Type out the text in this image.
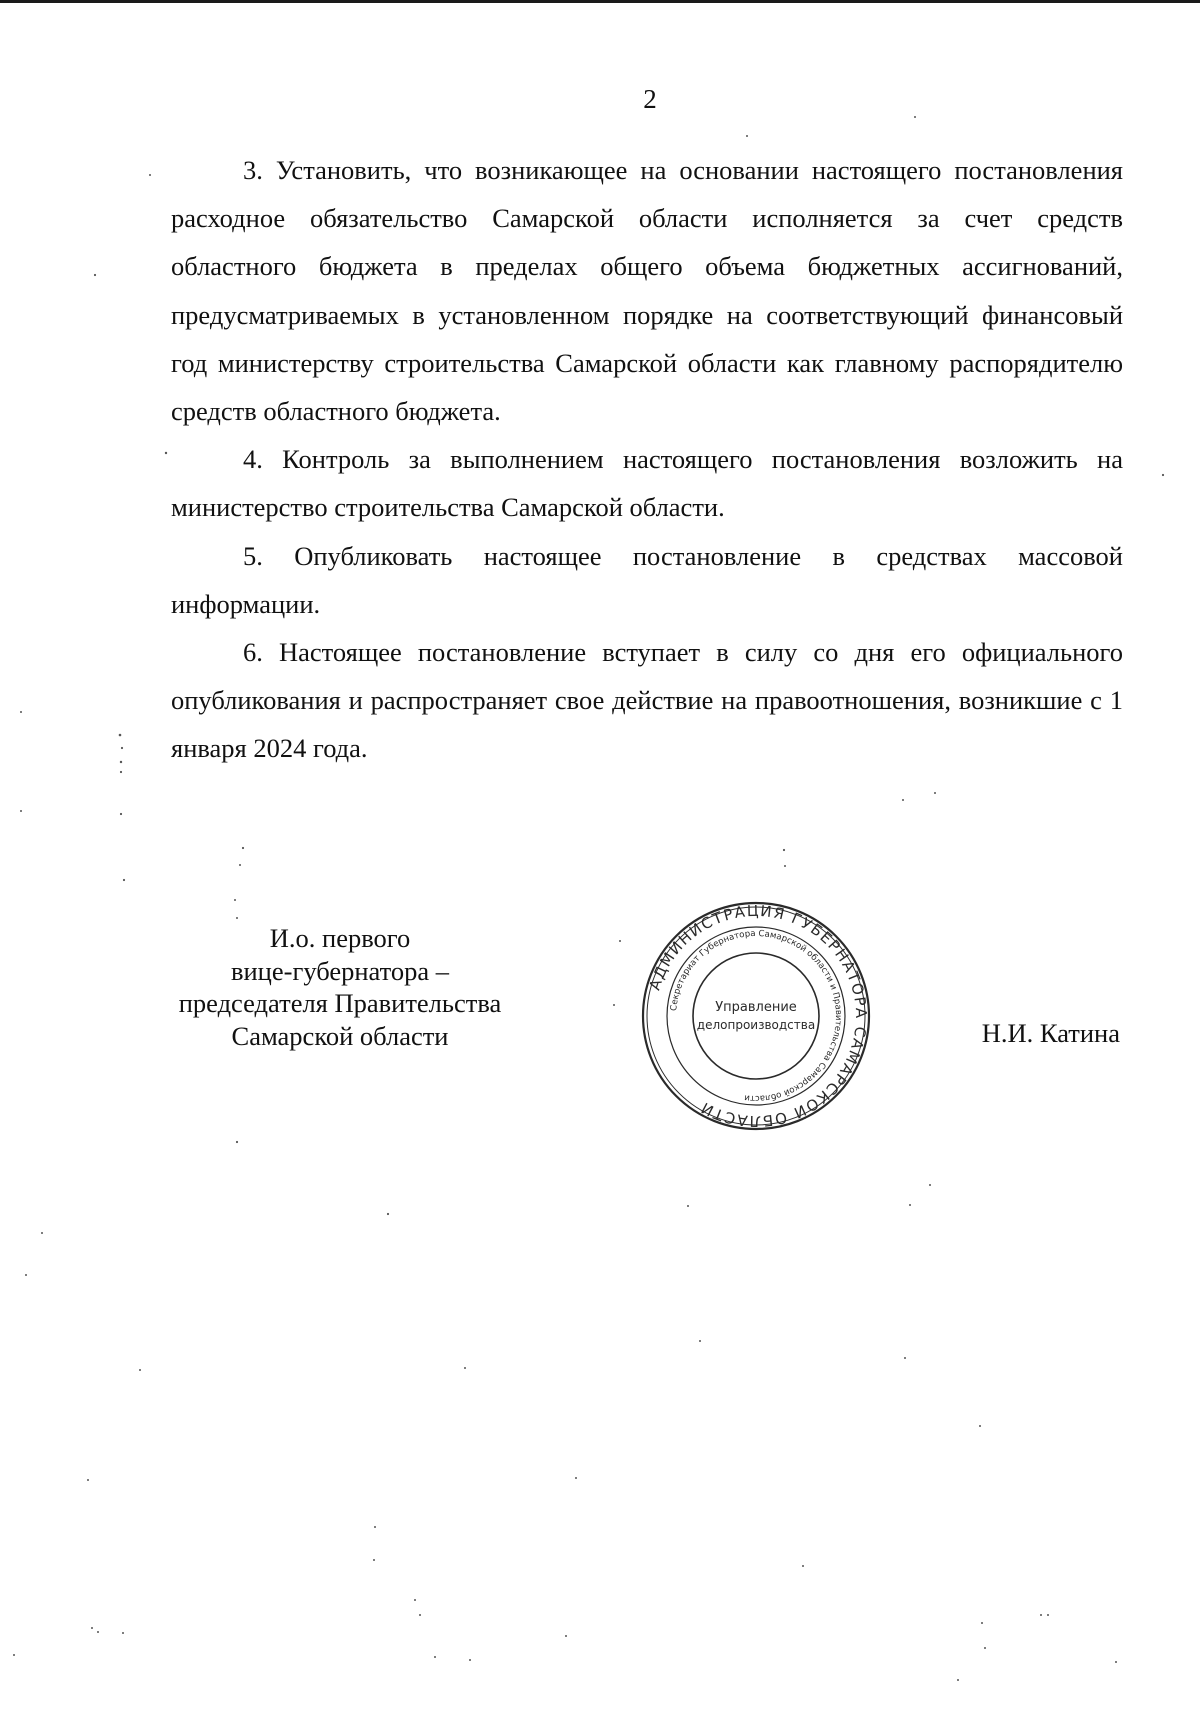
2

3. Установить, что возникающее на основании настоящего постановления расходное обязательство Самарской области исполняется за счет средств областного бюджета в пределах общего объема бюджетных ассигнований, предусматриваемых в установленном порядке на соответствующий финансовый год министерству строительства Самарской области как главному распорядителю средств областного бюджета.

4. Контроль за выполнением настоящего постановления возложить на министерство строительства Самарской области.

5. Опубликовать настоящее постановление в средствах массовой информации.

6. Настоящее постановление вступает в силу со дня его официального опубликования и распространяет свое действие на правоотношения, возникшие с 1 января 2024 года.

И.о. первого
вице-губернатора –
председателя Правительства
Самарской области
АДМИНИСТРАЦИЯ ГУБЕРНАТОРА САМАРСКОЙ ОБЛАСТИ
Секретариат Губернатора Самарской области и Правительства Самарской области
Управление
делопроизводства	Н.И. Катина
